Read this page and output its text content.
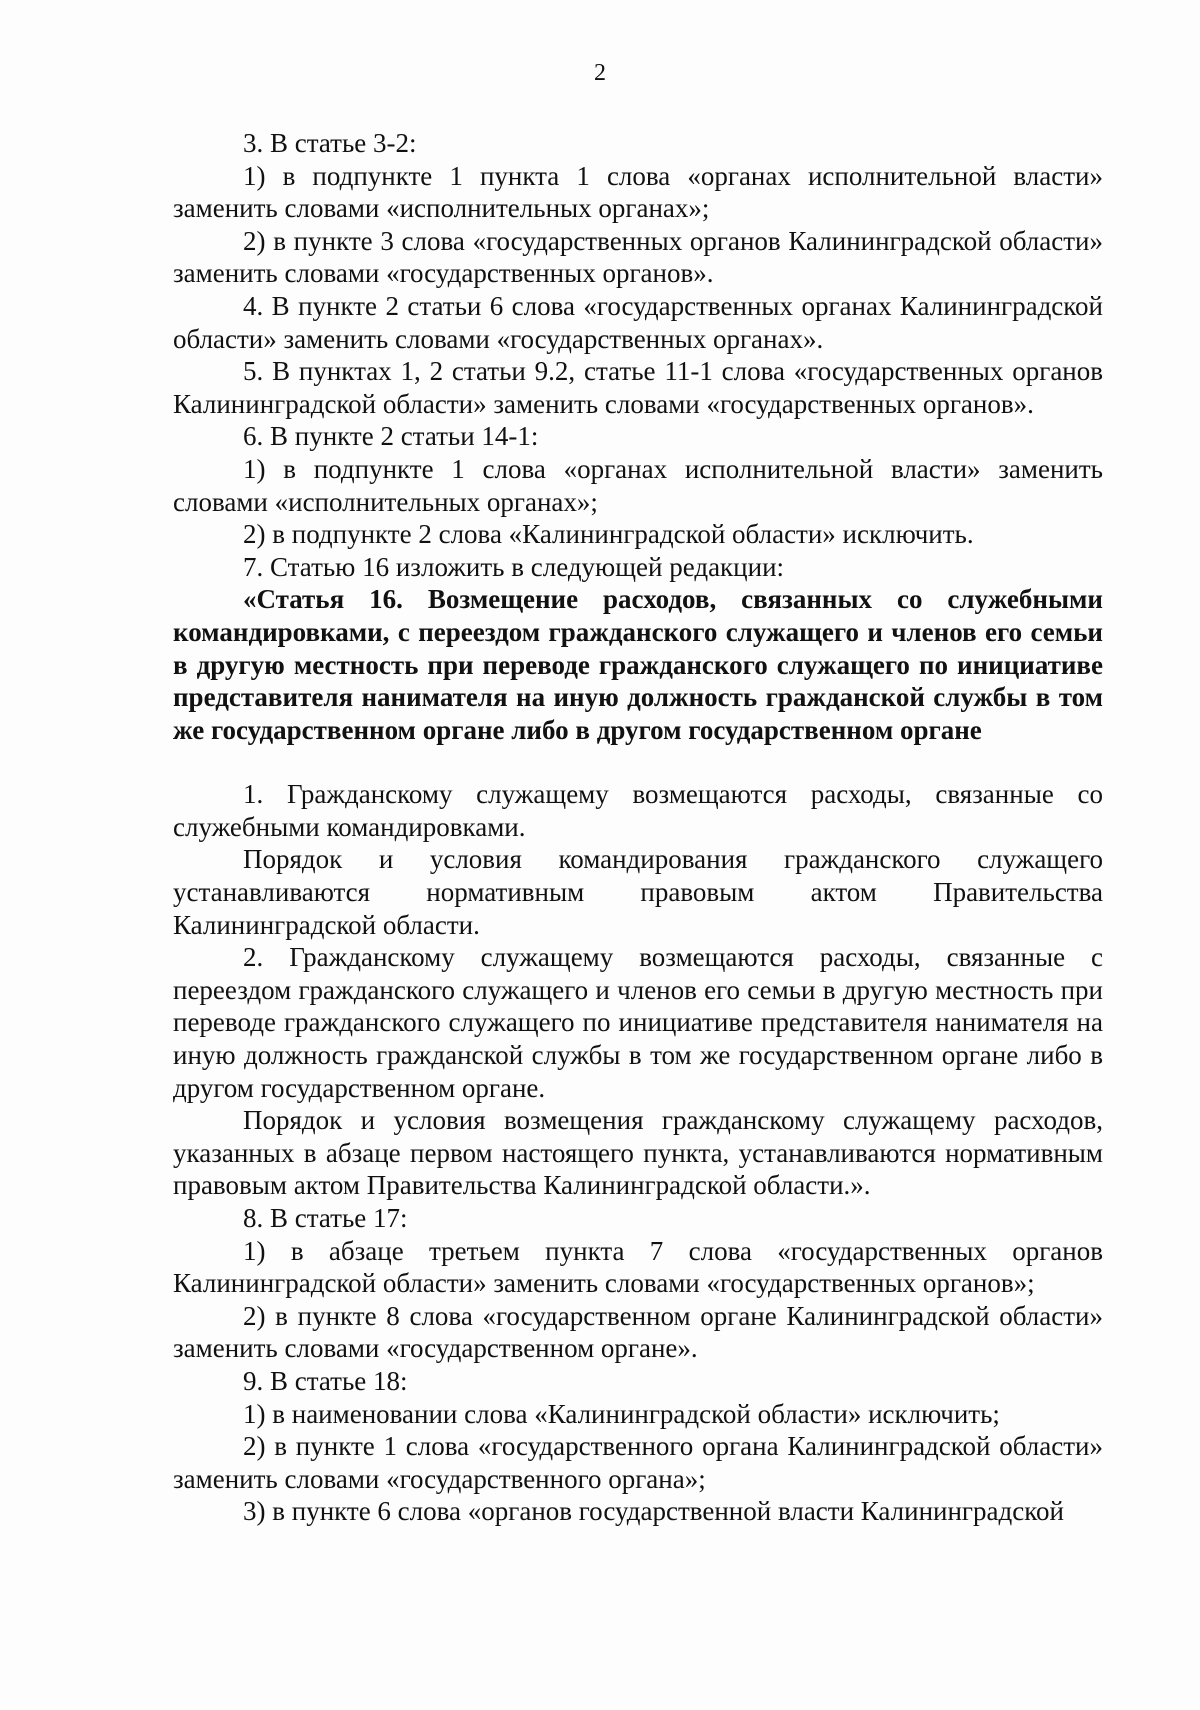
2

3. В статье 3-2:

1) в подпункте 1 пункта 1 слова «органах исполнительной власти» заменить словами «исполнительных органах»;

2) в пункте 3 слова «государственных органов Калининградской области» заменить словами «государственных органов».

4. В пункте 2 статьи 6 слова «государственных органах Калининградской области» заменить словами «государственных органах».

5. В пунктах 1, 2 статьи 9.2, статье 11-1 слова «государственных органов Калининградской области» заменить словами «государственных органов».

6. В пункте 2 статьи 14-1:

1) в подпункте 1 слова «органах исполнительной власти» заменить словами «исполнительных органах»;

2) в подпункте 2 слова «Калининградской области» исключить.

7. Статью 16 изложить в следующей редакции:

«Статья 16. Возмещение расходов, связанных со служебными командировками, с переездом гражданского служащего и членов его семьи в другую местность при переводе гражданского служащего по инициативе представителя нанимателя на иную должность гражданской службы в том же государственном органе либо в другом государственном органе

1. Гражданскому служащему возмещаются расходы, связанные со служебными командировками.

Порядок и условия командирования гражданского служащего устанавливаются нормативным правовым актом Правительства Калининградской области.

2. Гражданскому служащему возмещаются расходы, связанные с переездом гражданского служащего и членов его семьи в другую местность при переводе гражданского служащего по инициативе представителя нанимателя на иную должность гражданской службы в том же государственном органе либо в другом государственном органе.

Порядок и условия возмещения гражданскому служащему расходов, указанных в абзаце первом настоящего пункта, устанавливаются нормативным правовым актом Правительства Калининградской области.».

8. В статье 17:

1) в абзаце третьем пункта 7 слова «государственных органов Калининградской области» заменить словами «государственных органов»;

2) в пункте 8 слова «государственном органе Калининградской области» заменить словами «государственном органе».

9. В статье 18:

1) в наименовании слова «Калининградской области» исключить;

2) в пункте 1 слова «государственного органа Калининградской области» заменить словами «государственного органа»;

3) в пункте 6 слова «органов государственной власти Калининградской
